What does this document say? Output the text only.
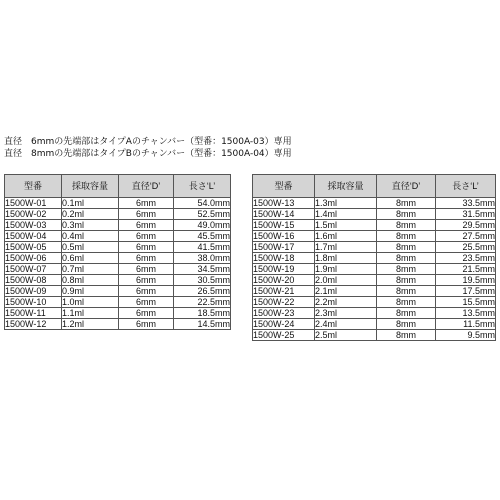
直径　6mmの先端部はタイプAのチャンバー（型番：1500A-03）専用
直径　8mmの先端部はタイプBのチャンバー（型番：1500A-04）専用
型番	採取容量	直径‘D’	長さ‘L’
1500W-01	0.1ml	6mm	54.0mm
1500W-02	0.2ml	6mm	52.5mm
1500W-03	0.3ml	6mm	49.0mm
1500W-04	0.4ml	6mm	45.5mm
1500W-05	0.5ml	6mm	41.5mm
1500W-06	0.6ml	6mm	38.0mm
1500W-07	0.7ml	6mm	34.5mm
1500W-08	0.8ml	6mm	30.5mm
1500W-09	0.9ml	6mm	26.5mm
1500W-10	1.0ml	6mm	22.5mm
1500W-11	1.1ml	6mm	18.5mm
1500W-12	1.2ml	6mm	14.5mm
型番	採取容量	直径‘D’	長さ‘L’
1500W-13	1.3ml	8mm	33.5mm
1500W-14	1.4ml	8mm	31.5mm
1500W-15	1.5ml	8mm	29.5mm
1500W-16	1.6ml	8mm	27.5mm
1500W-17	1.7ml	8mm	25.5mm
1500W-18	1.8ml	8mm	23.5mm
1500W-19	1.9ml	8mm	21.5mm
1500W-20	2.0ml	8mm	19.5mm
1500W-21	2.1ml	8mm	17.5mm
1500W-22	2.2ml	8mm	15.5mm
1500W-23	2.3ml	8mm	13.5mm
1500W-24	2.4ml	8mm	11.5mm
1500W-25	2.5ml	8mm	9.5mm
